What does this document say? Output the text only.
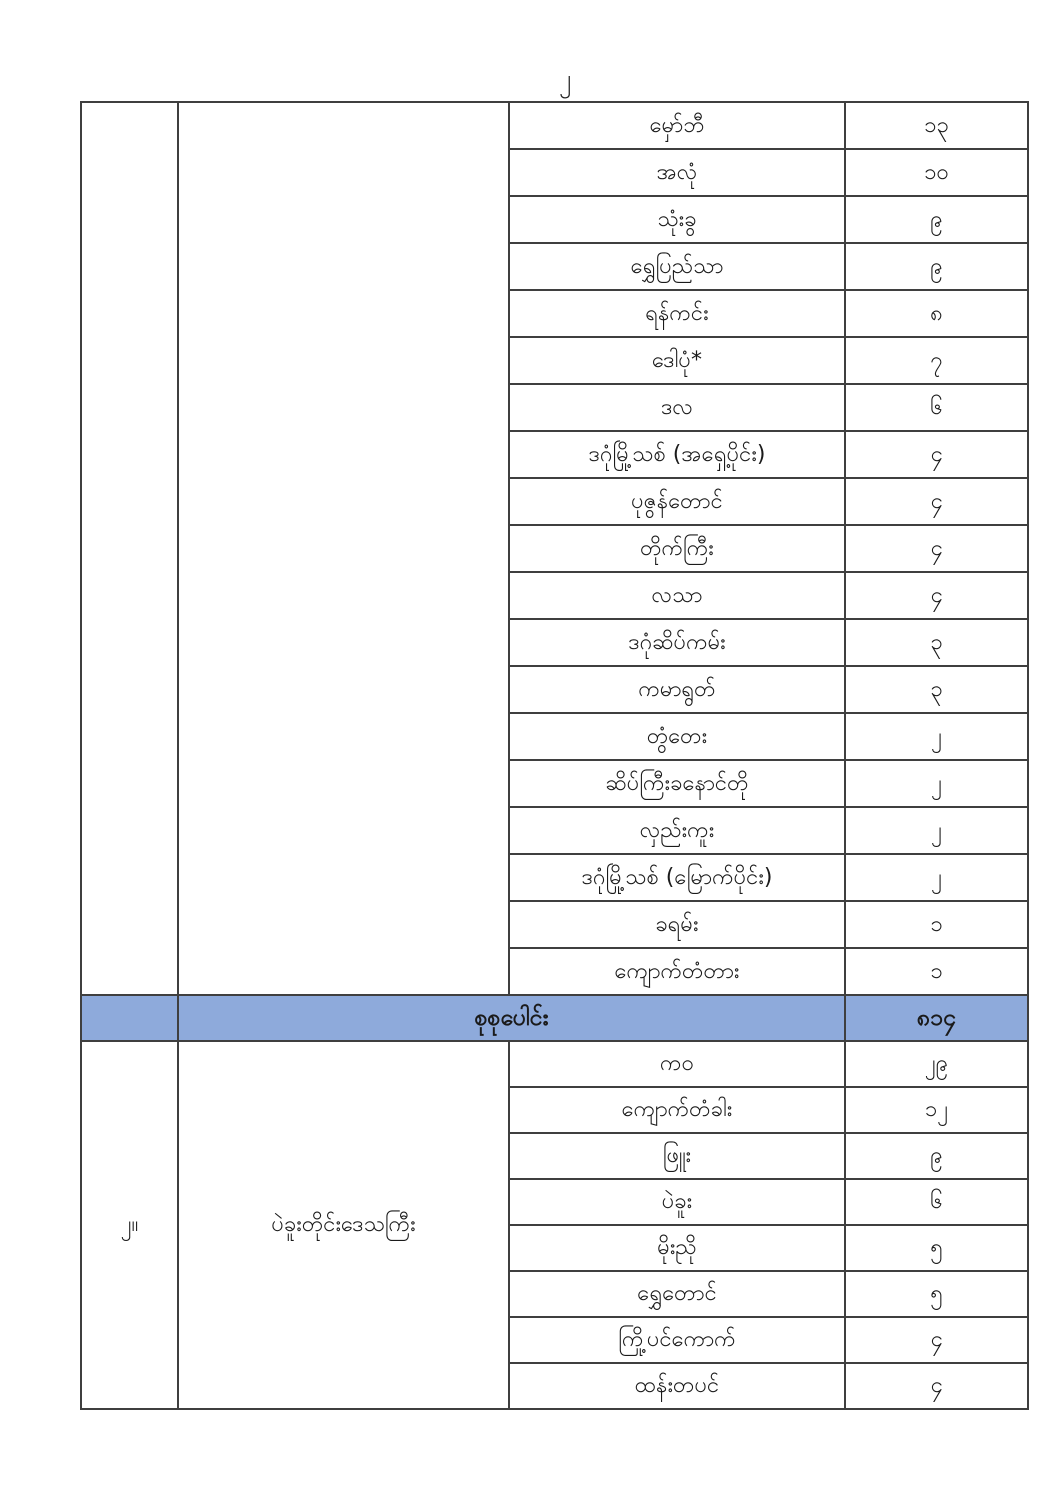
၂
		မှော်ဘီ	၁၃
		အလုံ	၁၀
		သုံးခွ	၉
		ရွှေပြည်သာ	၉
		ရန်ကင်း	၈
		ဒေါပုံ*	၇
		ဒလ	၆
		ဒဂုံမြို့သစ် (အရှေ့ပိုင်း)	၄
		ပုဇွန်တောင်	၄
		တိုက်ကြီး	၄
		လသာ	၄
		ဒဂုံဆိပ်ကမ်း	၃
		ကမာရွတ်	၃
		တွံတေး	၂
		ဆိပ်ကြီးခနောင်တို	၂
		လှည်းကူး	၂
		ဒဂုံမြို့သစ် (မြောက်ပိုင်း)	၂
		ခရမ်း	၁
		ကျောက်တံတား	၁
	စုစုပေါင်း		၈၁၄
၂။	ပဲခူးတိုင်းဒေသကြီး	ကဝ	၂၉
		ကျောက်တံခါး	၁၂
		ဖြူး	၉
		ပဲခူး	၆
		မိုးညို	၅
		ရွှေတောင်	၅
		ကြို့ပင်ကောက်	၄
		ထန်းတပင်	၄
